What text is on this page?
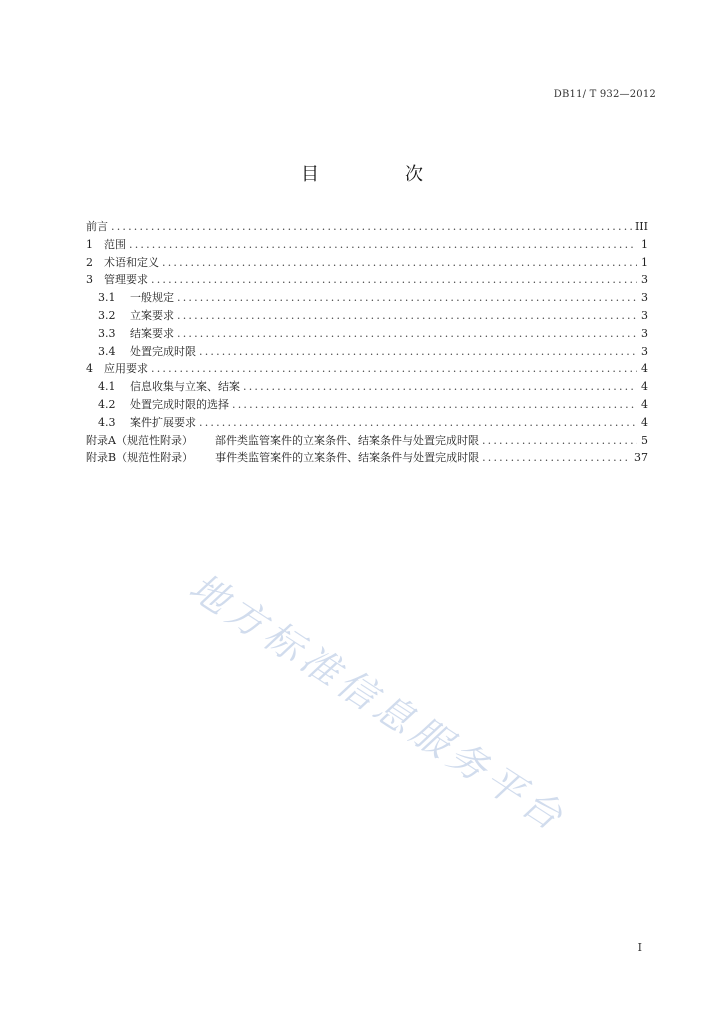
DB11/ T 932—2012
目　次
前言 .....	III
1	范围 .....	1
2	术语和定义 .....	1
3	管理要求 .....	3
3.1	一般规定 .....	3
3.2	立案要求 .....	3
3.3	结案要求 .....	3
3.4	处置完成时限 .....	3
4	应用要求 .....	4
4.1	信息收集与立案、结案 .....	4
4.2	处置完成时限的选择 .....	4
4.3	案件扩展要求 .....	4
附录A（规范性附录） 部件类监管案件的立案条件、结案条件与处置完成时限 .....	5
附录B（规范性附录） 事件类监管案件的立案条件、结案条件与处置完成时限 .....	37
地方标准信息服务平台
I
